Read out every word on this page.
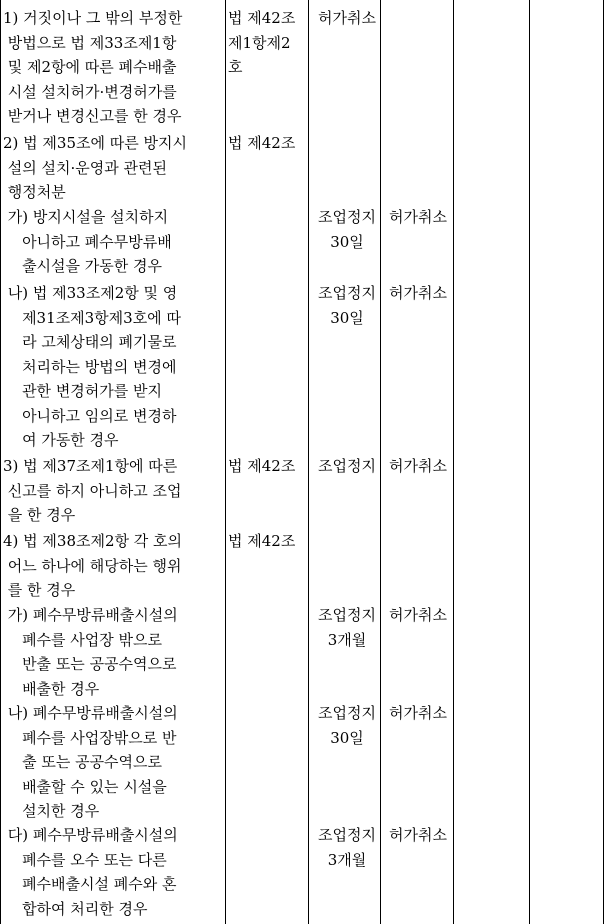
1) 거짓이나 그 밖의 부정한
방법으로 법 제33조제1항
및 제2항에 따른 폐수배출
시설 설치허가·변경허가를
받거나 변경신고를 한 경우
법 제42조
제1항제2
호
허가취소
2) 법 제35조에 따른 방지시
설의 설치·운영과 관련된
행정처분
법 제42조
가) 방지시설을 설치하지
아니하고 폐수무방류배
출시설을 가동한 경우
조업정지
30일
허가취소
나) 법 제33조제2항 및 영
제31조제3항제3호에 따
라 고체상태의 폐기물로
처리하는 방법의 변경에
관한 변경허가를 받지
아니하고 임의로 변경하
여 가동한 경우
조업정지
30일
허가취소
3) 법 제37조제1항에 따른
신고를 하지 아니하고 조업
을 한 경우
법 제42조	조업정지 허가취소
4) 법 제38조제2항 각 호의
어느 하나에 해당하는 행위
를 한 경우
법 제42조
가) 폐수무방류배출시설의
폐수를 사업장 밖으로
반출 또는 공공수역으로
배출한 경우
조업정지
3개월
허가취소
나) 폐수무방류배출시설의
폐수를 사업장밖으로 반
출 또는 공공수역으로
배출할 수 있는 시설을
설치한 경우
조업정지
30일
허가취소
다) 폐수무방류배출시설의
폐수를 오수 또는 다른
폐수배출시설 폐수와 혼
합하여 처리한 경우
조업정지
3개월
허가취소
